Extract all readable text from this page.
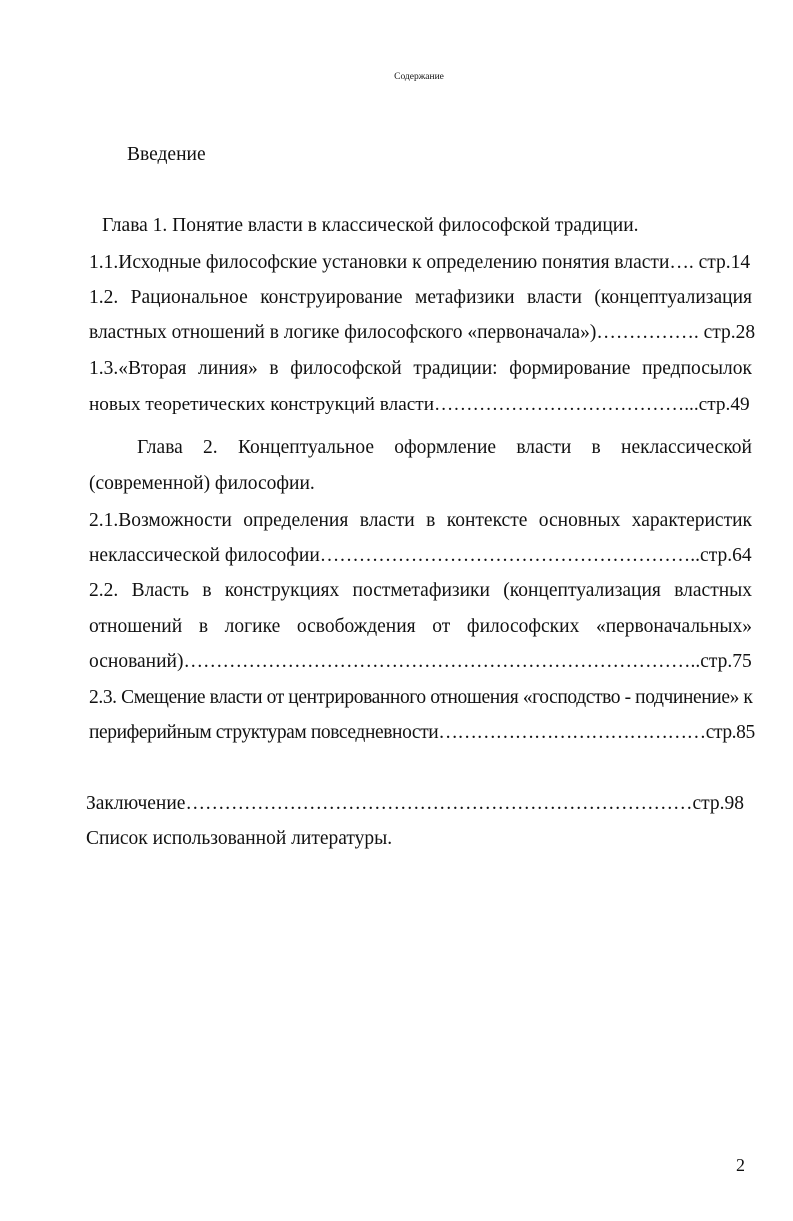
Содержание
Введение
Глава 1. Понятие власти в классической философской традиции.
1.1.Исходные философские установки к определению понятия власти…. стр.14
1.2. Рациональное конструирование метафизики власти (концептуализация
властных отношений в логике философского «первоначала»)……………. стр.28
1.3.«Вторая линия» в философской традиции: формирование предпосылок
новых теоретических конструкций власти…………………………………...стр.49
Глава 2. Концептуальное оформление власти в неклассической
(современной) философии.
2.1.Возможности определения власти в контексте основных характеристик
неклассической философии…………………………………………………..стр.64
2.2. Власть в конструкциях постметафизики (концептуализация властных
отношений в логике освобождения от философских «первоначальных»
оснований)……………………………………………………………………..стр.75
2.3. Смещение власти от центрированного отношения «господство - подчинение» к
периферийным структурам повседневности……………………………………стр.85
Заключение……………………………………………………………………стр.98
Список использованной литературы.
2
